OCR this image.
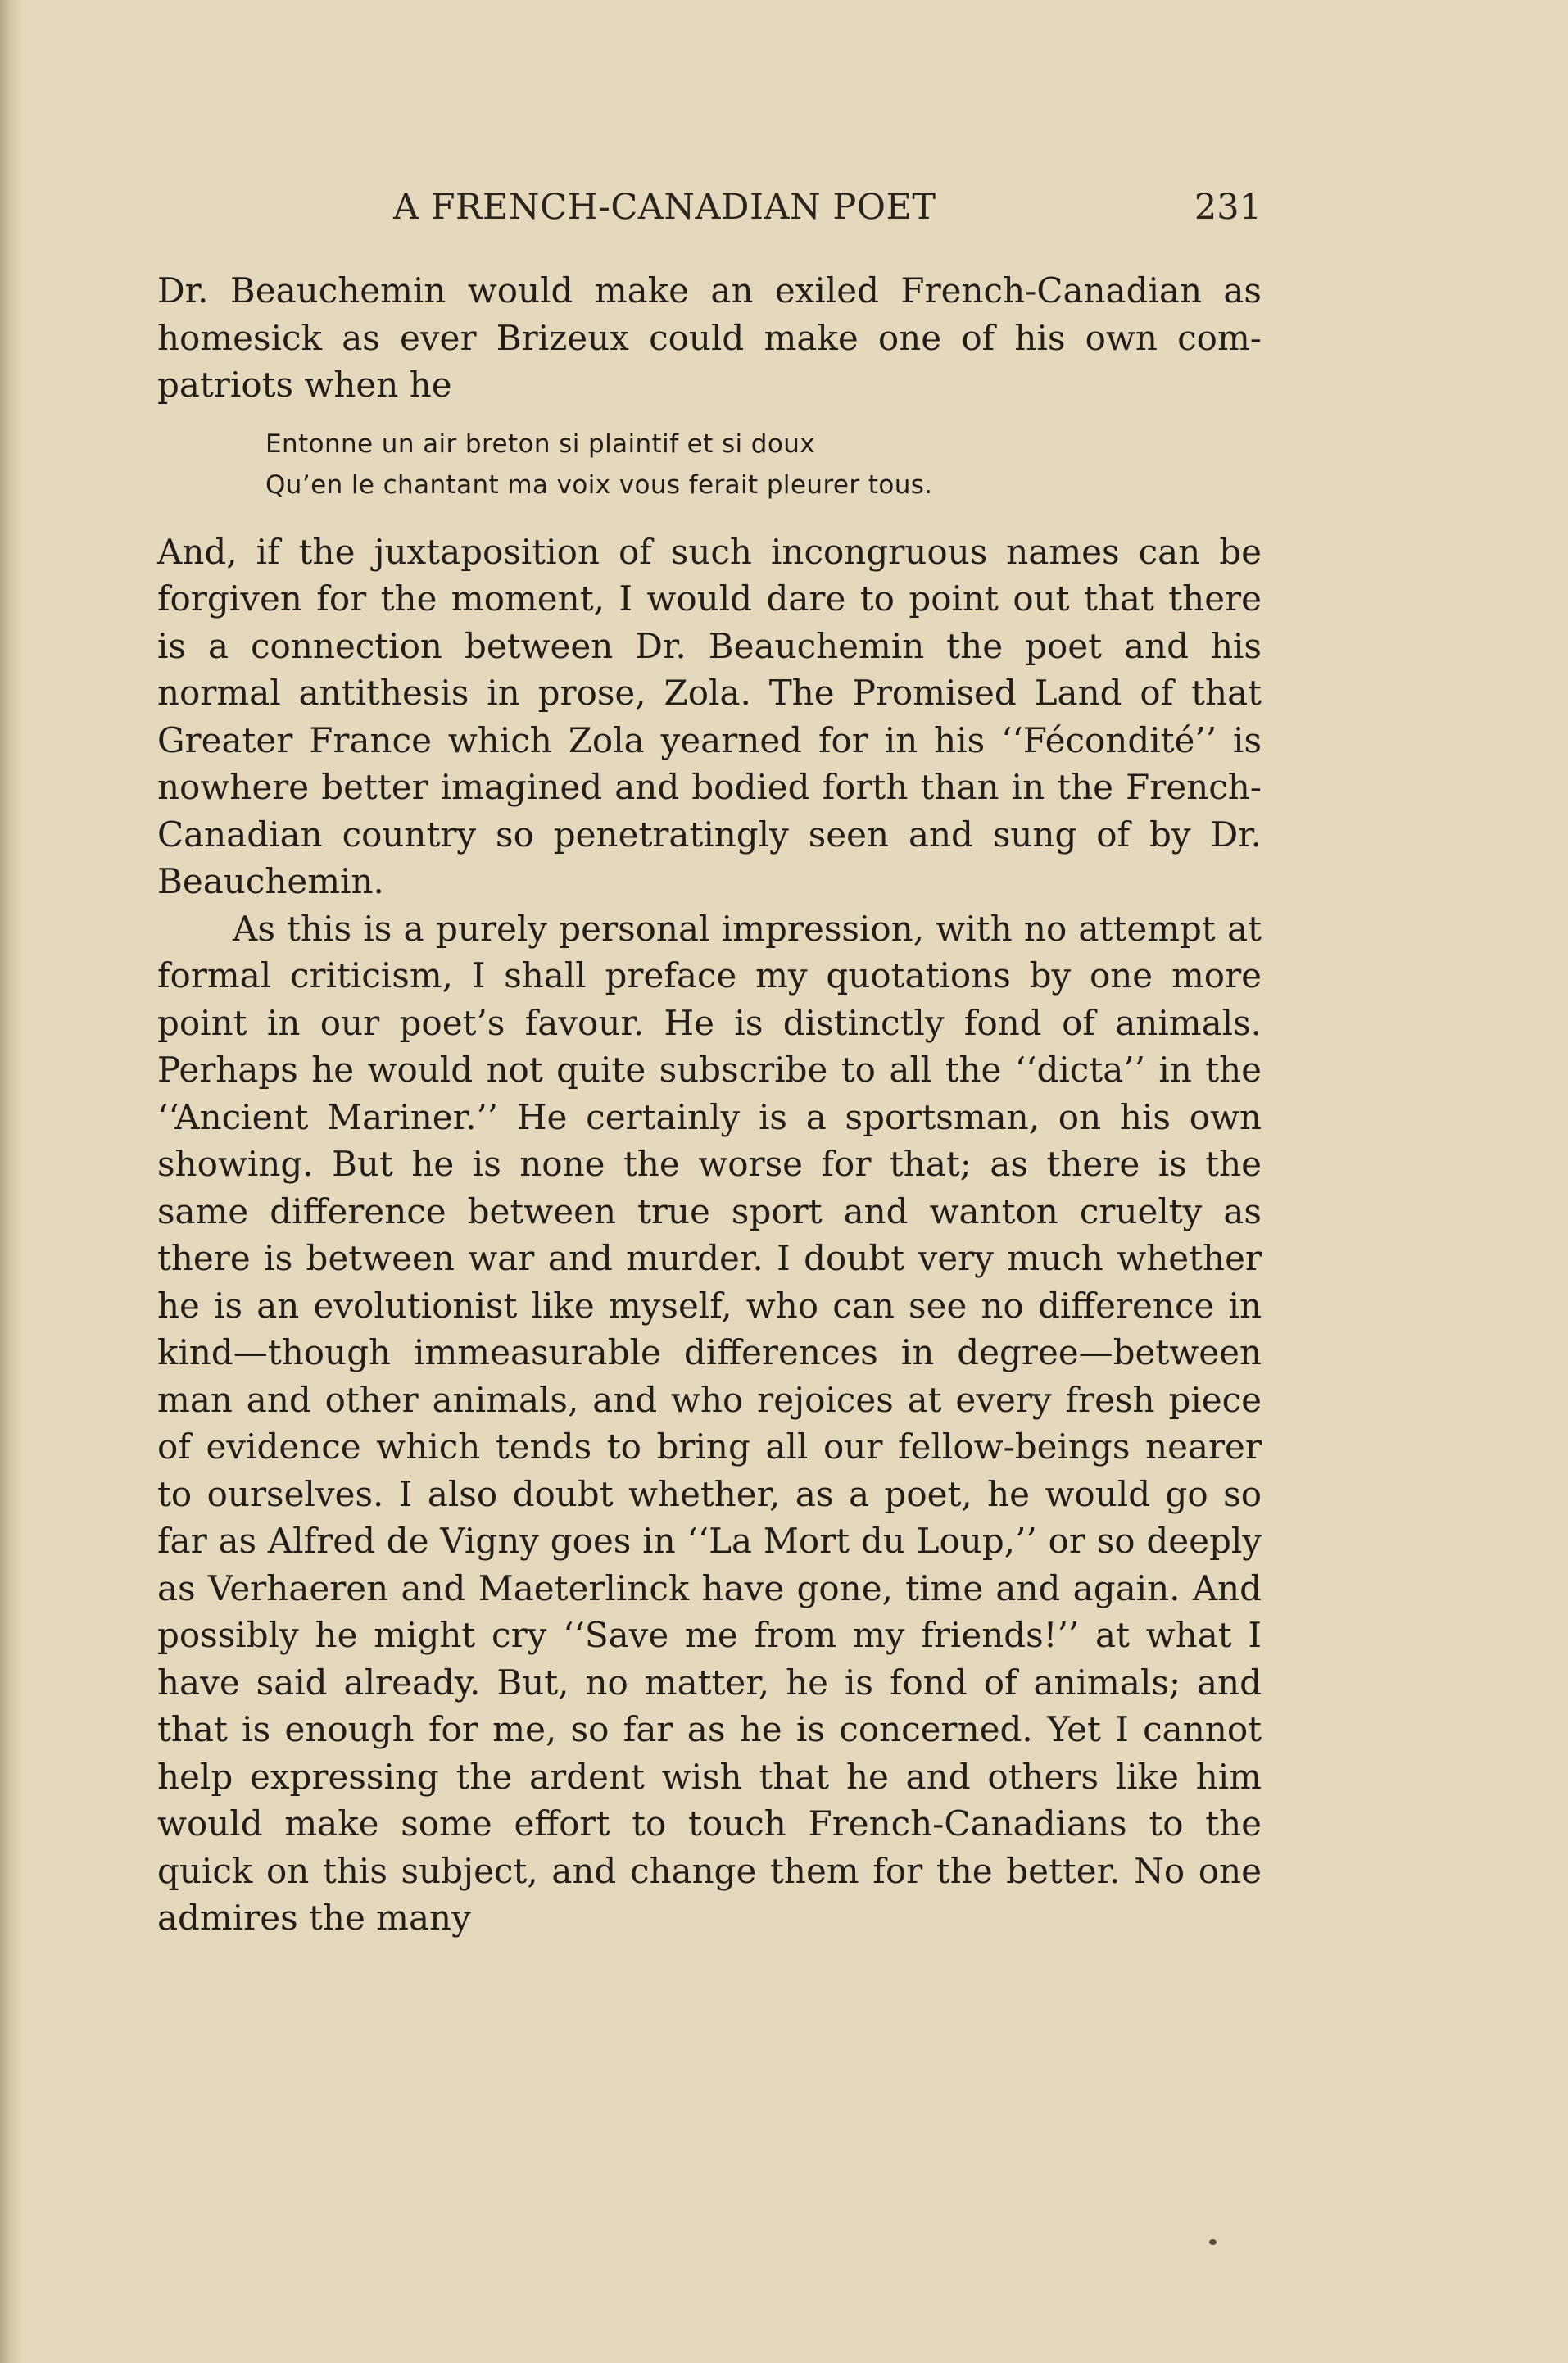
A FRENCH-CANADIAN POET	231

Dr. Beauchemin would make an exiled French-Canadian as homesick as ever Brizeux could make one of his own compatriots when he

Entonne un air breton si plaintif et si doux
Qu’en le chantant ma voix vous ferait pleurer tous.

And, if the juxtaposition of such incongruous names can be forgiven for the moment, I would dare to point out that there is a connection between Dr. Beauchemin the poet and his normal antithesis in prose, Zola. The Promised Land of that Greater France which Zola yearned for in his ‘‘Fécondité’’ is nowhere better imagined and bodied forth than in the French-Canadian country so penetratingly seen and sung of by Dr. Beauchemin.

As this is a purely personal impression, with no attempt at formal criticism, I shall preface my quotations by one more point in our poet’s favour. He is distinctly fond of animals. Perhaps he would not quite subscribe to all the ‘‘dicta’’ in the ‘‘Ancient Mariner.’’ He certainly is a sportsman, on his own showing. But he is none the worse for that; as there is the same difference between true sport and wanton cruelty as there is between war and murder. I doubt very much whether he is an evolutionist like myself, who can see no difference in kind—though immeasurable differences in degree—between man and other animals, and who rejoices at every fresh piece of evidence which tends to bring all our fellow-beings nearer to ourselves. I also doubt whether, as a poet, he would go so far as Alfred de Vigny goes in ‘‘La Mort du Loup,’’ or so deeply as Verhaeren and Maeterlinck have gone, time and again. And possibly he might cry ‘‘Save me from my friends!’’ at what I have said already. But, no matter, he is fond of animals; and that is enough for me, so far as he is concerned. Yet I cannot help expressing the ardent wish that he and others like him would make some effort to touch French-Canadians to the quick on this subject, and change them for the better. No one admires the many
